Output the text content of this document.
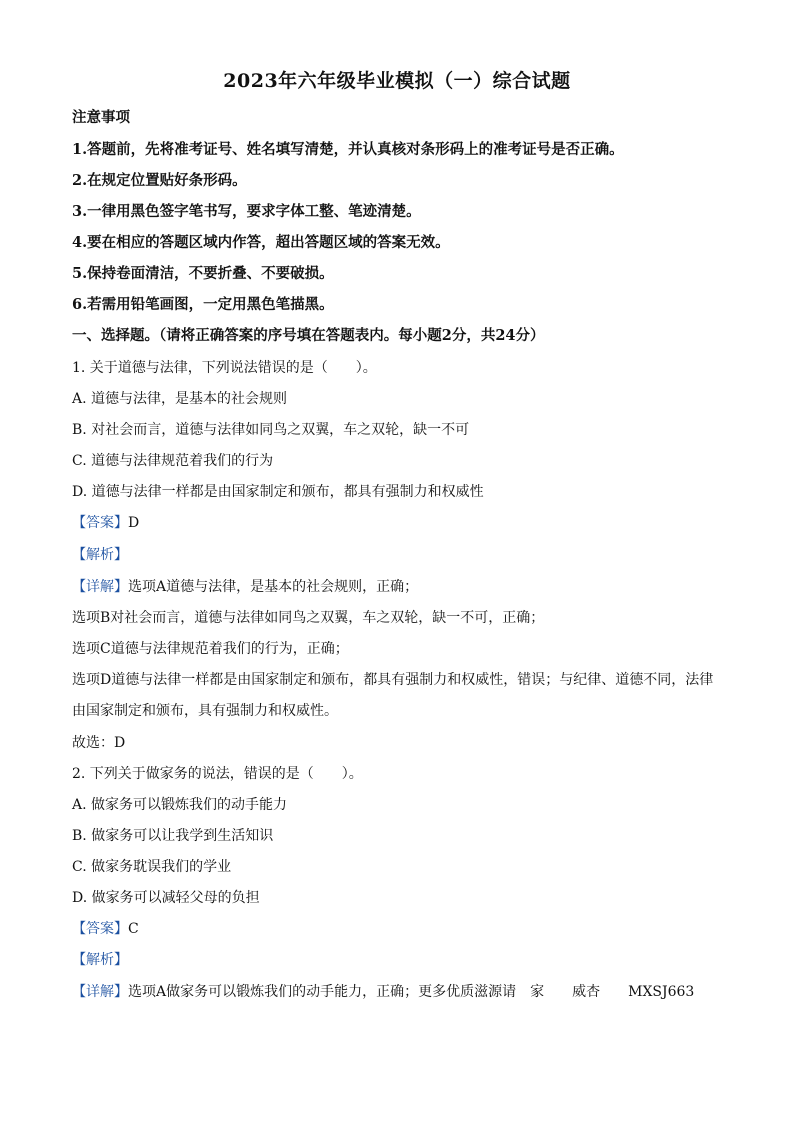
2023年六年级毕业模拟（一）综合试题
注意事项
1.答题前，先将准考证号、姓名填写清楚，并认真核对条形码上的准考证号是否正确。
2.在规定位置贴好条形码。
3.一律用黑色签字笔书写，要求字体工整、笔迹清楚。
4.要在相应的答题区域内作答，超出答题区域的答案无效。
5.保持卷面清洁，不要折叠、不要破损。
6.若需用铅笔画图，一定用黑色笔描黑。
一、选择题。（请将正确答案的序号填在答题表内。每小题2分，共24分）
1. 关于道德与法律，下列说法错误的是（　　）。
A. 道德与法律，是基本的社会规则
B. 对社会而言，道德与法律如同鸟之双翼，车之双轮，缺一不可
C. 道德与法律规范着我们的行为
D. 道德与法律一样都是由国家制定和颁布，都具有强制力和权威性
【答案】D
【解析】
【详解】选项A道德与法律，是基本的社会规则，正确；
选项B对社会而言，道德与法律如同鸟之双翼，车之双轮，缺一不可，正确；
选项C道德与法律规范着我们的行为，正确；
选项D道德与法律一样都是由国家制定和颁布，都具有强制力和权威性，错误；与纪律、道德不同，法律由国家制定和颁布，具有强制力和权威性。
故选：D
2. 下列关于做家务的说法，错误的是（　　）。
A. 做家务可以锻炼我们的动手能力
B. 做家务可以让我学到生活知识
C. 做家务耽误我们的学业
D. 做家务可以减轻父母的负担
【答案】C
【解析】
【详解】选项A做家务可以锻炼我们的动手能力，正确；更多优质滋源请　家　　威杏　　MXSJ663
